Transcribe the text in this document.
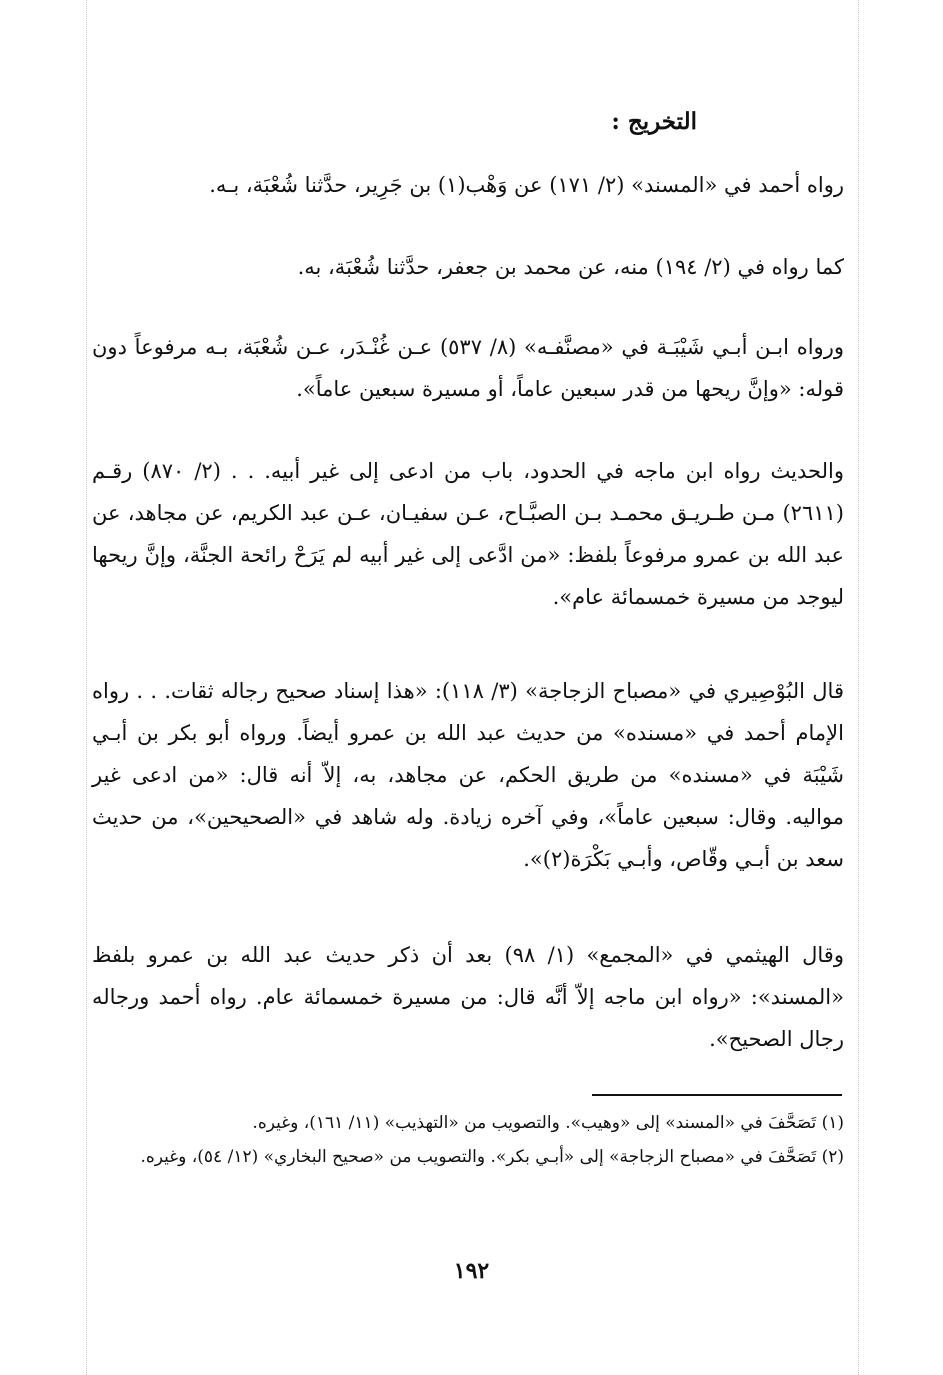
التخريج :

رواه أحمد في «المسند» (٢/ ١٧١) عن وَهْب(١) بن جَرِير، حدَّثنا شُعْبَة، بـه.

كما رواه في (٢/ ١٩٤) منه، عن محمد بن جعفر، حدَّثنا شُعْبَة، به.

ورواه ابـن أبـي شَيْبَـة في «مصنَّفـه» (٨/ ٥٣٧) عـن غُنْـدَر، عـن شُعْبَة، بـه مرفوعاً دون قوله: «وإنَّ ريحها من قدر سبعين عاماً، أو مسيرة سبعين عاماً».

والحديث رواه ابن ماجه في الحدود، باب من ادعى إلى غير أبيه. . . (٢/ ٨٧٠) رقـم (٢٦١١) مـن طـريـق محمـد بـن الصبَّـاح، عـن سفيـان، عـن عبد الكريم، عن مجاهد، عن عبد الله بن عمرو مرفوعاً بلفظ: «من ادَّعى إلى غير أبيه لم يَرَحْ رائحة الجنَّة، وإنَّ ريحها ليوجد من مسيرة خمسمائة عام».

قال البُوْصِيري في «مصباح الزجاجة» (٣/ ١١٨): «هذا إسناد صحيح رجاله ثقات. . . رواه الإمام أحمد في «مسنده» من حديث عبد الله بن عمرو أيضاً. ورواه أبو بكر بن أبـي شَيْبَة في «مسنده» من طريق الحكم، عن مجاهد، به، إلاّ أنه قال: «من ادعى غير مواليه. وقال: سبعين عاماً»، وفي آخره زيادة. وله شاهد في «الصحيحين»، من حديث سعد بن أبـي وقّاص، وأبـي بَكْرَة(٢)».

وقال الهيثمي في «المجمع» (١/ ٩٨) بعد أن ذكر حديث عبد الله بن عمرو بلفظ «المسند»: «رواه ابن ماجه إلاّ أنَّه قال: من مسيرة خمسمائة عام. رواه أحمد ورجاله رجال الصحيح».

(١) تَصَحَّفَ في «المسند» إلى «وهيب». والتصويب من «التهذيب» (١١/ ١٦١)، وغيره.

(٢) تَصَحَّفَ في «مصباح الزجاجة» إلى «أبـي بكر». والتصويب من «صحيح البخاري» (١٢/ ٥٤)، وغيره.

١٩٢
